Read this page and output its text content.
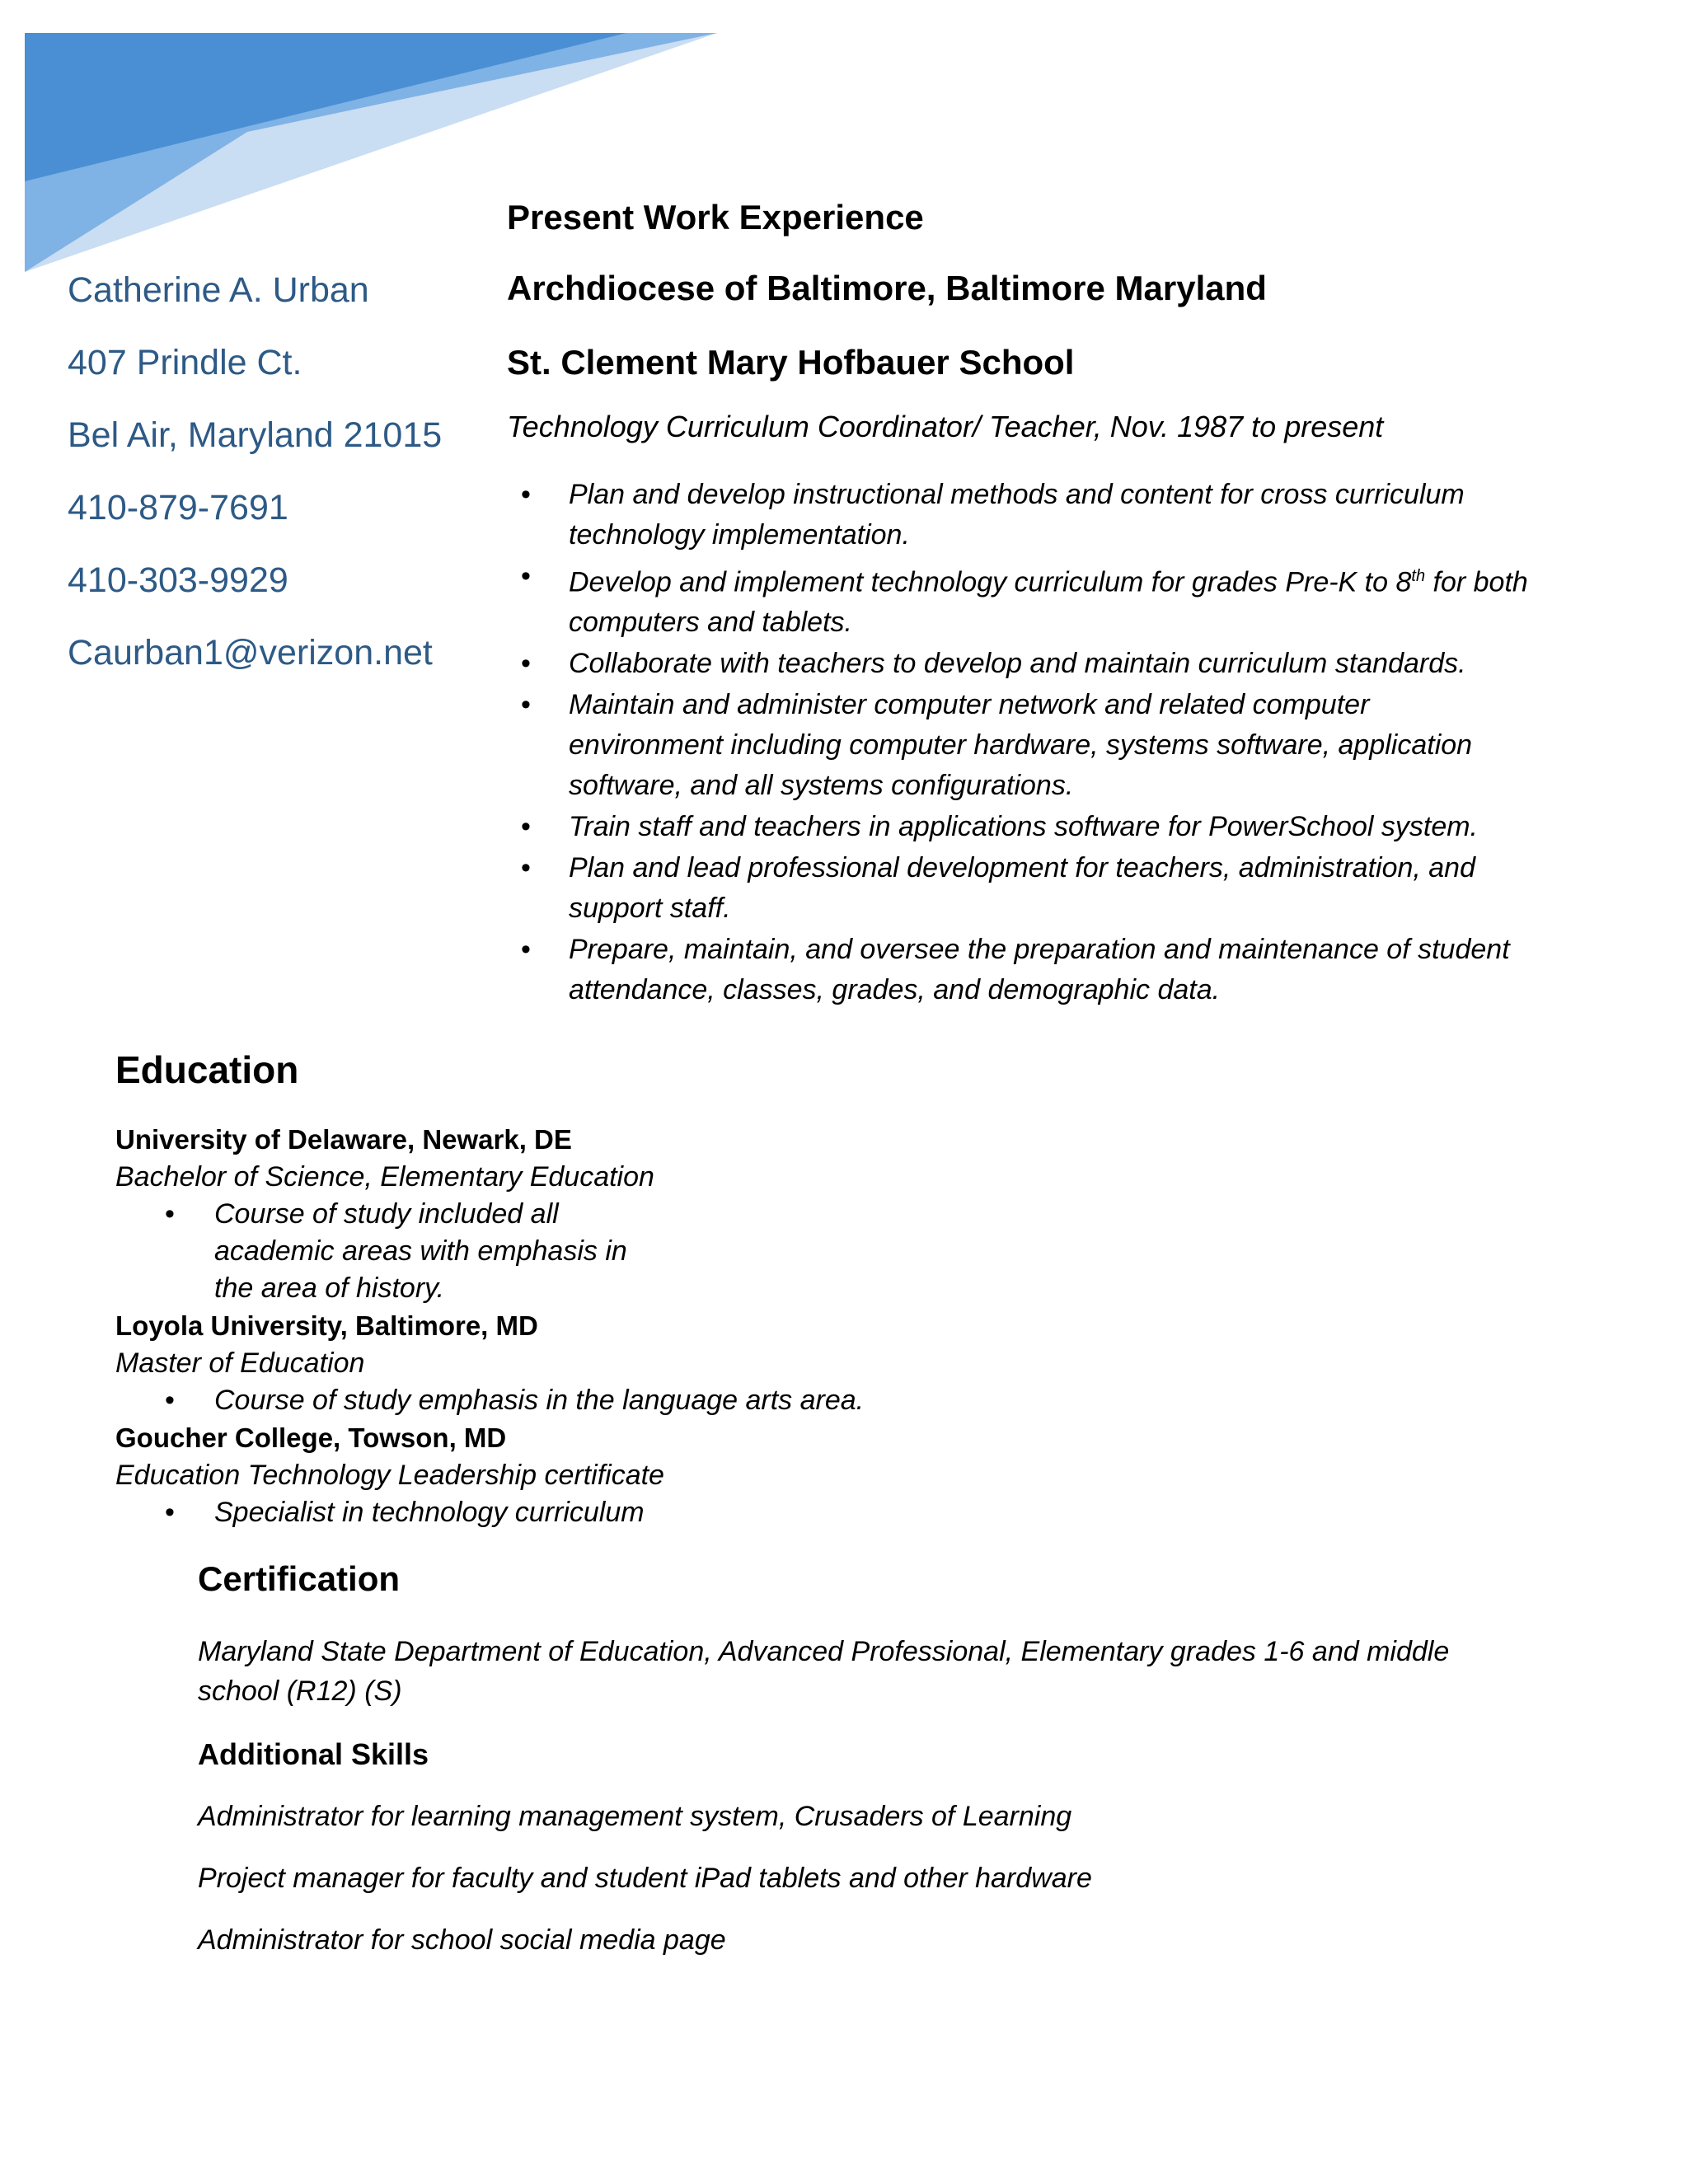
Catherine A. Urban
407 Prindle Ct.
Bel Air, Maryland 21015
410-879-7691
410-303-9929
Caurban1@verizon.net
Present Work Experience
Archdiocese of Baltimore, Baltimore Maryland
St. Clement Mary Hofbauer School
Technology Curriculum Coordinator/ Teacher, Nov. 1987 to present
• Plan and develop instructional methods and content for cross curriculum technology implementation.
• Develop and implement technology curriculum for grades Pre-K to 8th for both computers and tablets.
• Collaborate with teachers to develop and maintain curriculum standards.
• Maintain and administer computer network and related computer environment including computer hardware, systems software, application software, and all systems configurations.
• Train staff and teachers in applications software for PowerSchool system.
• Plan and lead professional development for teachers, administration, and support staff.
• Prepare, maintain, and oversee the preparation and maintenance of student attendance, classes, grades, and demographic data.
Education
University of Delaware, Newark, DE
Bachelor of Science, Elementary Education
• Course of study included all academic areas with emphasis in the area of history.
Loyola University, Baltimore, MD
Master of Education
• Course of study emphasis in the language arts area.
Goucher College, Towson, MD
Education Technology Leadership certificate
• Specialist in technology curriculum
Certification
Maryland State Department of Education, Advanced Professional, Elementary grades 1-6 and middle school (R12) (S)
Additional Skills
Administrator for learning management system, Crusaders of Learning
Project manager for faculty and student iPad tablets and other hardware
Administrator for school social media page
